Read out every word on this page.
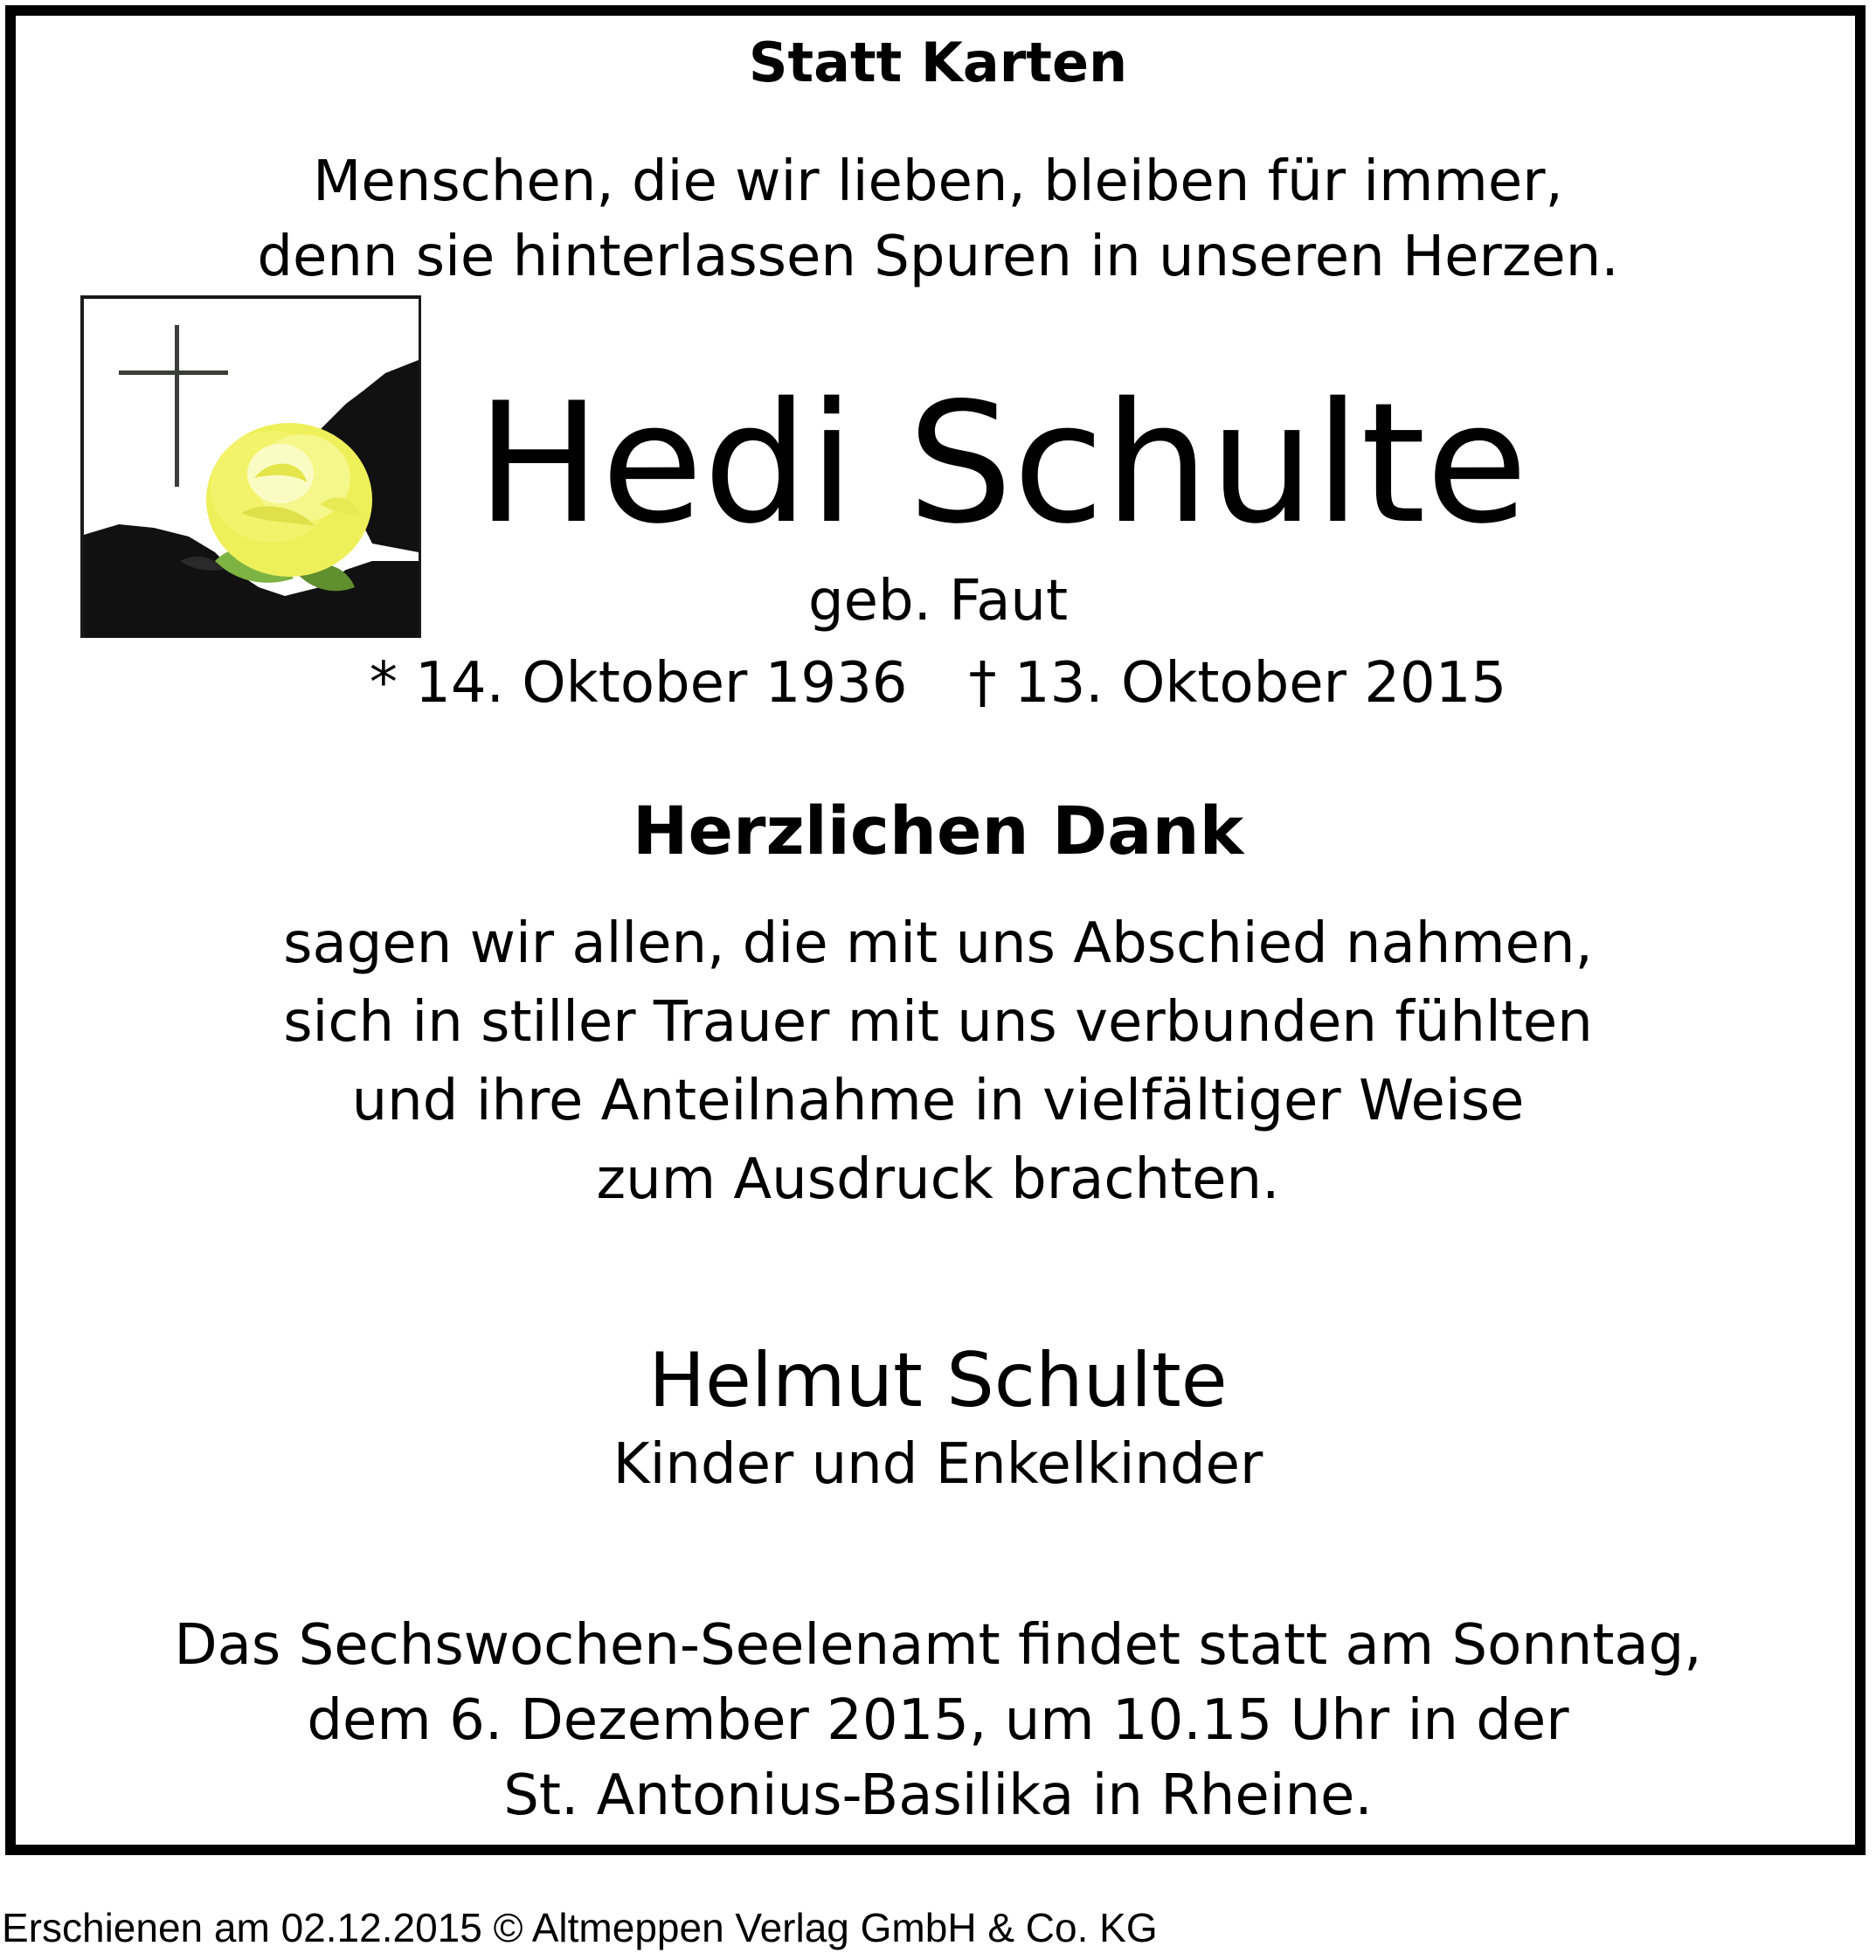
Statt Karten
Menschen, die wir lieben, bleiben für immer,
denn sie hinterlassen Spuren in unseren Herzen.
Hedi Schulte
geb. Faut
* 14. Oktober 1936 † 13. Oktober 2015
Herzlichen Dank
sagen wir allen, die mit uns Abschied nahmen,
sich in stiller Trauer mit uns verbunden fühlten
und ihre Anteilnahme in vielfältiger Weise
zum Ausdruck brachten.
Helmut Schulte
Kinder und Enkelkinder
Das Sechswochen-Seelenamt findet statt am Sonntag,
dem 6. Dezember 2015, um 10.15 Uhr in der
St. Antonius-Basilika in Rheine.
Erschienen am 02.12.2015 © Altmeppen Verlag GmbH & Co. KG
